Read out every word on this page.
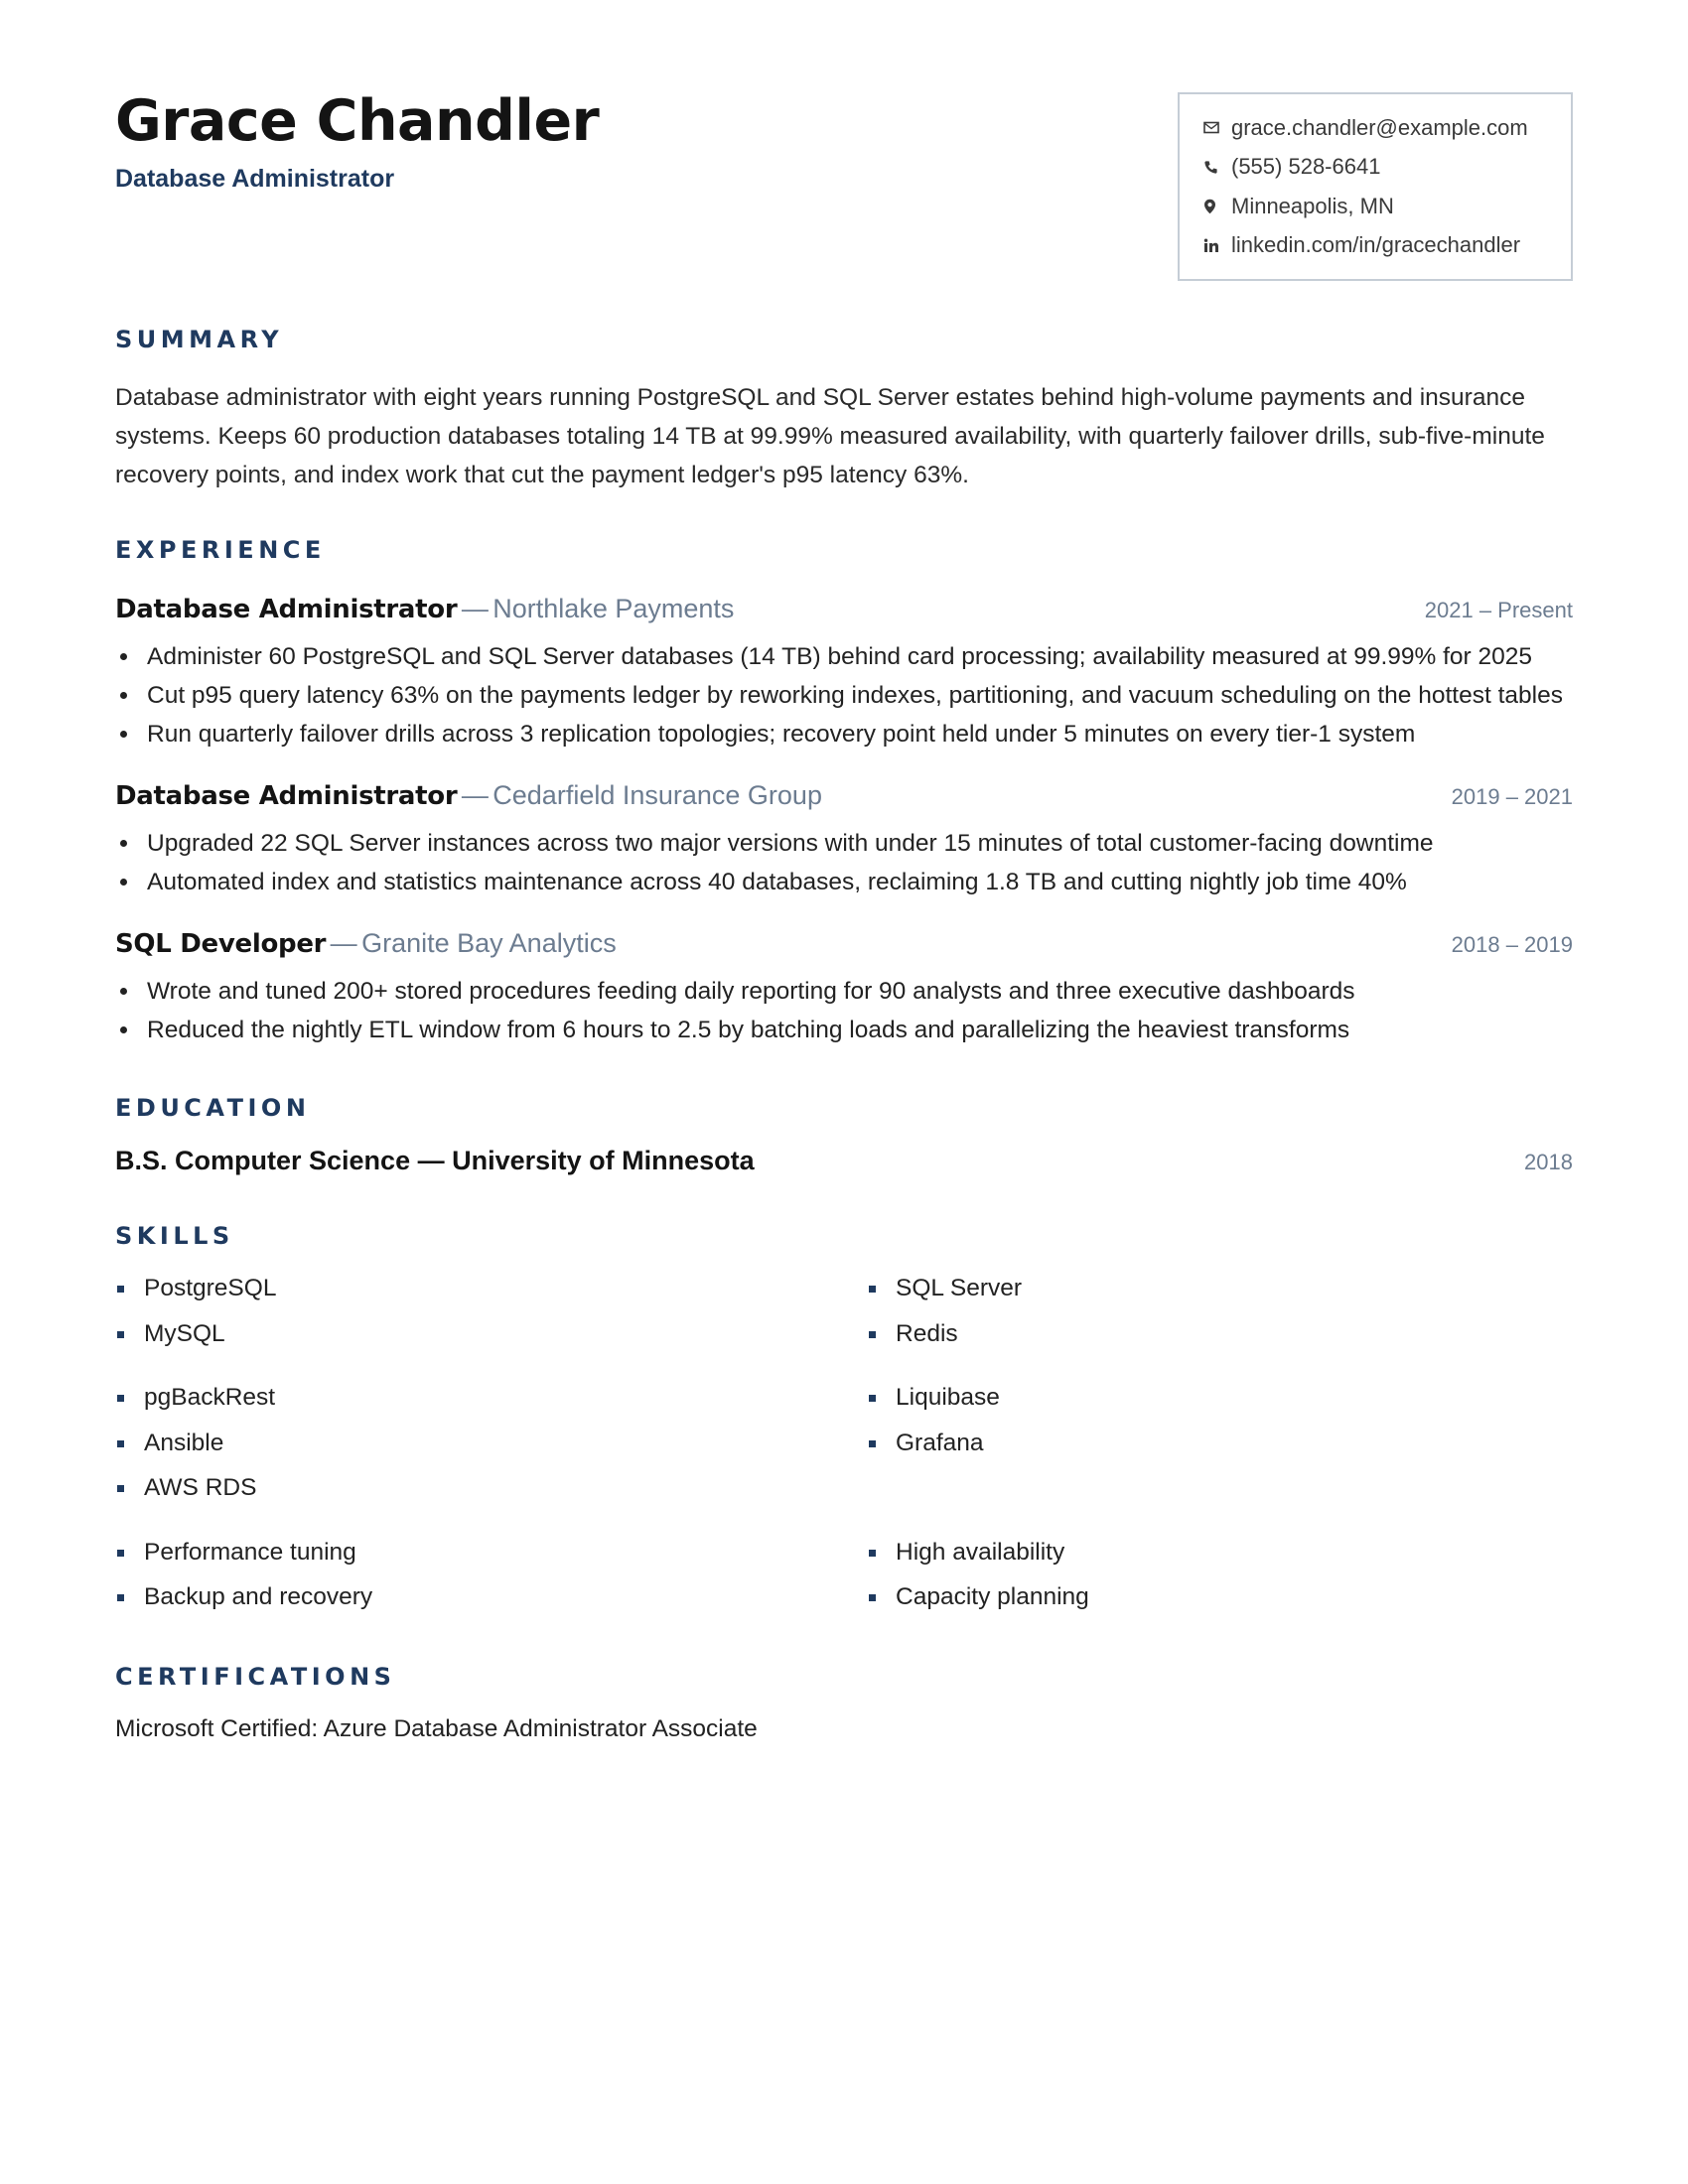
Grace Chandler
Database Administrator
grace.chandler@example.com
(555) 528-6641
Minneapolis, MN
linkedin.com/in/gracechandler
SUMMARY
Database administrator with eight years running PostgreSQL and SQL Server estates behind high-volume payments and insurance systems. Keeps 60 production databases totaling 14 TB at 99.99% measured availability, with quarterly failover drills, sub-five-minute recovery points, and index work that cut the payment ledger's p95 latency 63%.
EXPERIENCE
Database Administrator — Northlake Payments	2021 – Present
Administer 60 PostgreSQL and SQL Server databases (14 TB) behind card processing; availability measured at 99.99% for 2025
Cut p95 query latency 63% on the payments ledger by reworking indexes, partitioning, and vacuum scheduling on the hottest tables
Run quarterly failover drills across 3 replication topologies; recovery point held under 5 minutes on every tier-1 system
Database Administrator — Cedarfield Insurance Group	2019 – 2021
Upgraded 22 SQL Server instances across two major versions with under 15 minutes of total customer-facing downtime
Automated index and statistics maintenance across 40 databases, reclaiming 1.8 TB and cutting nightly job time 40%
SQL Developer — Granite Bay Analytics	2018 – 2019
Wrote and tuned 200+ stored procedures feeding daily reporting for 90 analysts and three executive dashboards
Reduced the nightly ETL window from 6 hours to 2.5 by batching loads and parallelizing the heaviest transforms
EDUCATION
B.S. Computer Science — University of Minnesota	2018
SKILLS
PostgreSQL	SQL Server
MySQL	Redis
pgBackRest	Liquibase
Ansible	Grafana
AWS RDS
Performance tuning	High availability
Backup and recovery	Capacity planning
CERTIFICATIONS
Microsoft Certified: Azure Database Administrator Associate
